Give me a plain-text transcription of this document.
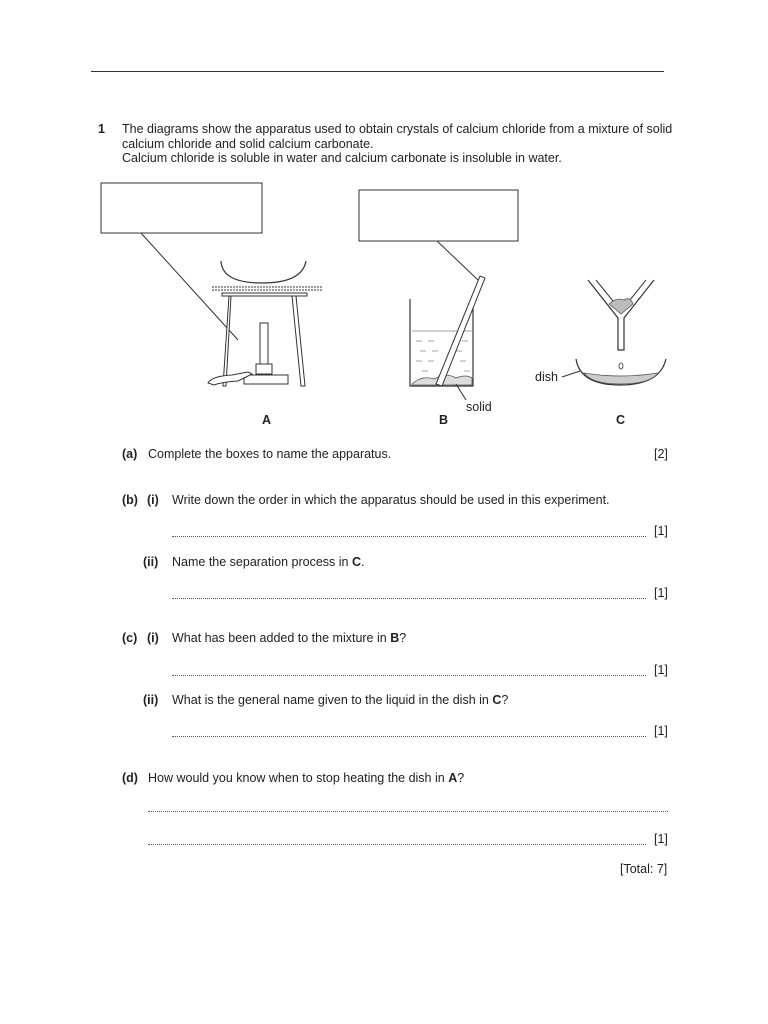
1 The diagrams show the apparatus used to obtain crystals of calcium chloride from a mixture of solid
calcium chloride and solid calcium carbonate.
Calcium chloride is soluble in water and calcium carbonate is insoluble in water.
A	B	C
solid
dish
(a) Complete the boxes to name the apparatus.	[2]
(b) (i) Write down the order in which the apparatus should be used in this experiment.
[1]
(ii) Name the separation process in C.
[1]
(c) (i) What has been added to the mixture in B?
[1]
(ii) What is the general name given to the liquid in the dish in C?
[1]
(d) How would you know when to stop heating the dish in A?
[1]
[Total: 7]
